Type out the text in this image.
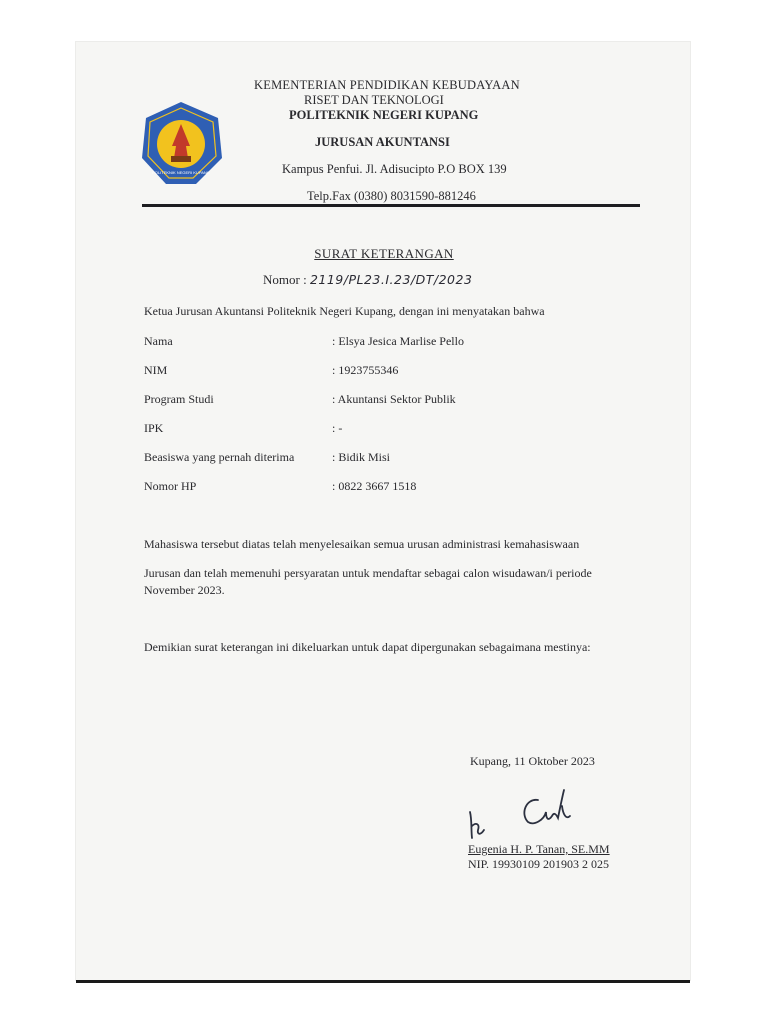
POLITEKNIK NEGERI KUPANG
KEMENTERIAN PENDIDIKAN KEBUDAYAAN
RISET DAN TEKNOLOGI
POLITEKNIK NEGERI KUPANG
JURUSAN AKUNTANSI
Kampus Penfui. Jl. Adisucipto P.O BOX 139
Telp.Fax (0380) 8031590-881246
SURAT KETERANGAN
Nomor : 2119/PL23.I.23/DT/2023
Ketua Jurusan Akuntansi Politeknik Negeri Kupang, dengan ini menyatakan bahwa
Nama	: Elsya Jesica Marlise Pello
NIM	: 1923755346
Program Studi	: Akuntansi Sektor Publik
IPK	: -
Beasiswa yang pernah diterima	: Bidik Misi
Nomor HP	: 0822 3667 1518
Mahasiswa tersebut diatas telah menyelesaikan semua urusan administrasi kemahasiswaan
Jurusan dan telah memenuhi persyaratan untuk mendaftar sebagai calon wisudawan/i periode
November 2023.
Demikian surat keterangan ini dikeluarkan untuk dapat dipergunakan sebagaimana mestinya:
Kupang, 11 Oktober 2023
Eugenia H. P. Tanan, SE.MM
NIP. 19930109 201903 2 025
